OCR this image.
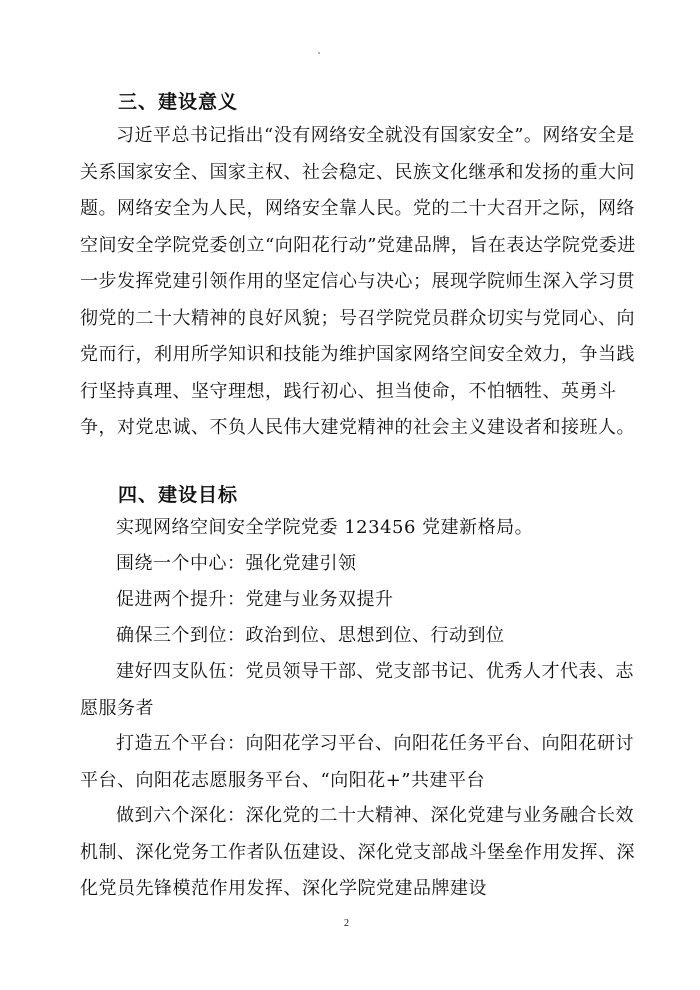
三、建设意义

习近平总书记指出“没有网络安全就没有国家安全”。网络安全是关系国家安全、国家主权、社会稳定、民族文化继承和发扬的重大问题。网络安全为人民，网络安全靠人民。党的二十大召开之际，网络空间安全学院党委创立“向阳花行动”党建品牌，旨在表达学院党委进一步发挥党建引领作用的坚定信心与决心；展现学院师生深入学习贯彻党的二十大精神的良好风貌；号召学院党员群众切实与党同心、向党而行，利用所学知识和技能为维护国家网络空间安全效力，争当践行坚持真理、坚守理想，践行初心、担当使命，不怕牺牲、英勇斗争，对党忠诚、不负人民伟大建党精神的社会主义建设者和接班人。

四、建设目标

实现网络空间安全学院党委 123456 党建新格局。

围绕一个中心：强化党建引领

促进两个提升：党建与业务双提升

确保三个到位：政治到位、思想到位、行动到位

建好四支队伍：党员领导干部、党支部书记、优秀人才代表、志愿服务者

打造五个平台：向阳花学习平台、向阳花任务平台、向阳花研讨平台、向阳花志愿服务平台、“向阳花+”共建平台

做到六个深化：深化党的二十大精神、深化党建与业务融合长效机制、深化党务工作者队伍建设、深化党支部战斗堡垒作用发挥、深化党员先锋模范作用发挥、深化学院党建品牌建设

2
